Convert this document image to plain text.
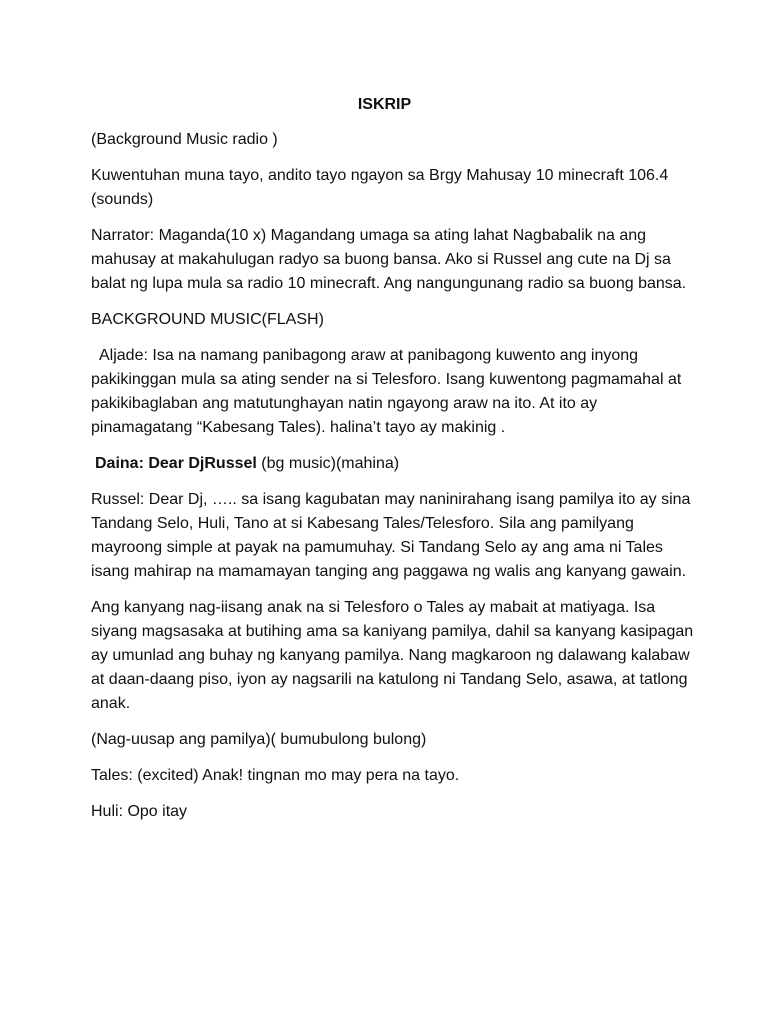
ISKRIP

(Background Music radio )

Kuwentuhan muna tayo, andito tayo ngayon sa Brgy Mahusay 10 minecraft 106.4 (sounds)

Narrator: Maganda(10 x) Magandang umaga sa ating lahat Nagbabalik na ang mahusay at makahulugan radyo sa buong bansa. Ako si Russel ang cute na Dj sa balat ng lupa mula sa radio 10 minecraft. Ang nangungunang radio sa buong bansa.

BACKGROUND MUSIC(FLASH)

Aljade: Isa na namang panibagong araw at panibagong kuwento ang inyong pakikinggan mula sa ating sender na si Telesforo. Isang kuwentong pagmamahal at pakikibaglaban ang matutunghayan natin ngayong araw na ito. At ito ay pinamagatang “Kabesang Tales). halina’t tayo ay makinig .

Daina: Dear DjRussel (bg music)(mahina)

Russel: Dear Dj, ….. sa isang kagubatan may naninirahang isang pamilya ito ay sina Tandang Selo, Huli, Tano at si Kabesang Tales/Telesforo. Sila ang pamilyang mayroong simple at payak na pamumuhay. Si Tandang Selo ay ang ama ni Tales isang mahirap na mamamayan tanging ang paggawa ng walis ang kanyang gawain.

Ang kanyang nag-iisang anak na si Telesforo o Tales ay mabait at matiyaga. Isa siyang magsasaka at butihing ama sa kaniyang pamilya, dahil sa kanyang kasipagan ay umunlad ang buhay ng kanyang pamilya. Nang magkaroon ng dalawang kalabaw at daan-daang piso, iyon ay nagsarili na katulong ni Tandang Selo, asawa, at tatlong anak.

(Nag-uusap ang pamilya)( bumubulong bulong)

Tales: (excited) Anak! tingnan mo may pera na tayo.

Huli: Opo itay
